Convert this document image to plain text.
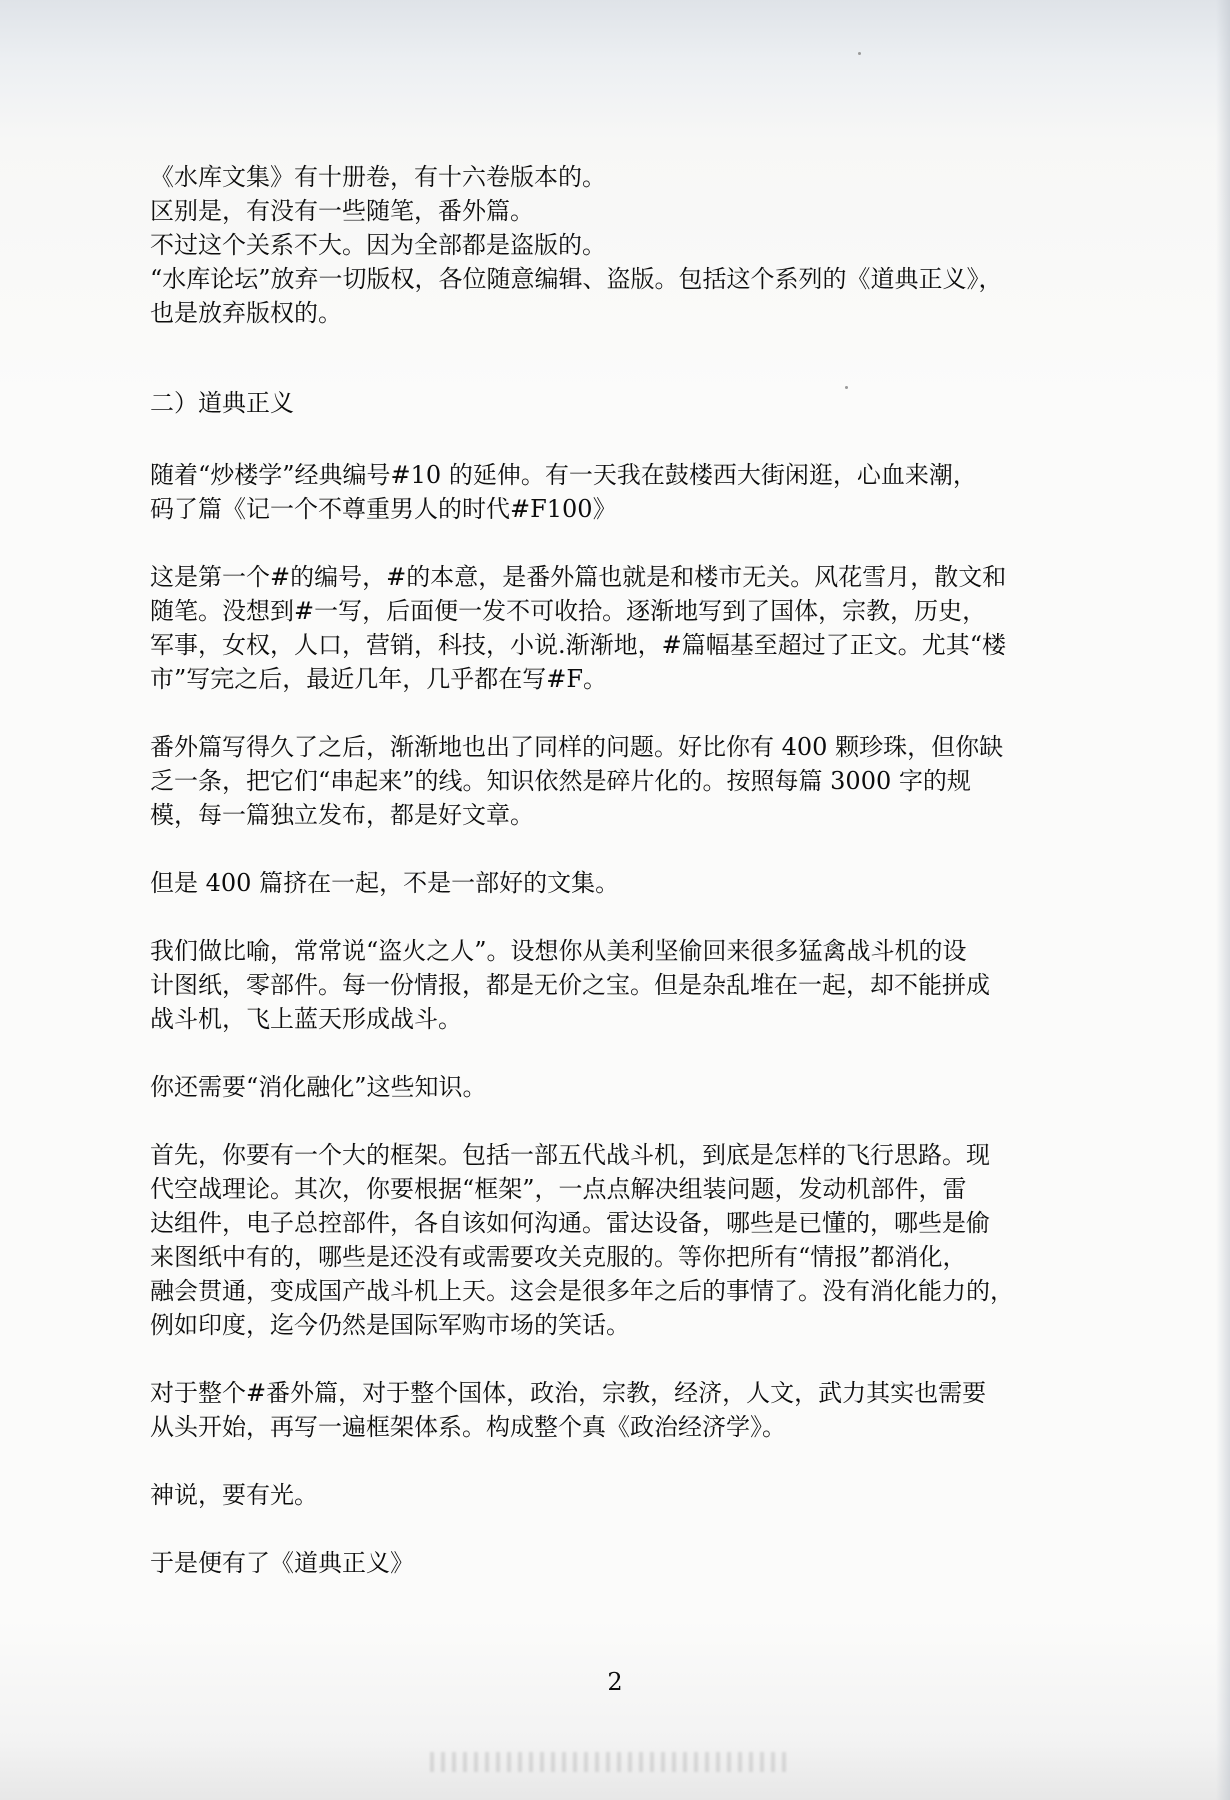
《水库文集》有十册卷，有十六卷版本的。
区别是，有没有一些随笔，番外篇。
不过这个关系不大。因为全部都是盗版的。
“水库论坛”放弃一切版权，各位随意编辑、盗版。包括这个系列的《道典正义》，
也是放弃版权的。
二）道典正义
随着“炒楼学”经典编号#10 的延伸。有一天我在鼓楼西大街闲逛，心血来潮，
码了篇《记一个不尊重男人的时代#F100》
这是第一个#的编号，#的本意，是番外篇也就是和楼市无关。风花雪月，散文和
随笔。没想到#一写，后面便一发不可收拾。逐渐地写到了国体，宗教，历史，
军事，女权，人口，营销，科技，小说.渐渐地，#篇幅基至超过了正文。尤其“楼
市”写完之后，最近几年，几乎都在写#F。
番外篇写得久了之后，渐渐地也出了同样的问题。好比你有 400 颗珍珠，但你缺
乏一条，把它们“串起来”的线。知识依然是碎片化的。按照每篇 3000 字的规
模，每一篇独立发布，都是好文章。
但是 400 篇挤在一起，不是一部好的文集。
我们做比喻，常常说“盗火之人”。设想你从美利坚偷回来很多猛禽战斗机的设
计图纸，零部件。每一份情报，都是无价之宝。但是杂乱堆在一起，却不能拼成
战斗机，飞上蓝天形成战斗。
你还需要“消化融化”这些知识。
首先，你要有一个大的框架。包括一部五代战斗机，到底是怎样的飞行思路。现
代空战理论。其次，你要根据“框架”，一点点解决组装问题，发动机部件，雷
达组件，电子总控部件，各自该如何沟通。雷达设备，哪些是已懂的，哪些是偷
来图纸中有的，哪些是还没有或需要攻关克服的。等你把所有“情报”都消化，
融会贯通，变成国产战斗机上天。这会是很多年之后的事情了。没有消化能力的，
例如印度，迄今仍然是国际军购市场的笑话。
对于整个#番外篇，对于整个国体，政治，宗教，经济，人文，武力其实也需要
从头开始，再写一遍框架体系。构成整个真《政治经济学》。
神说，要有光。
于是便有了《道典正义》
2
